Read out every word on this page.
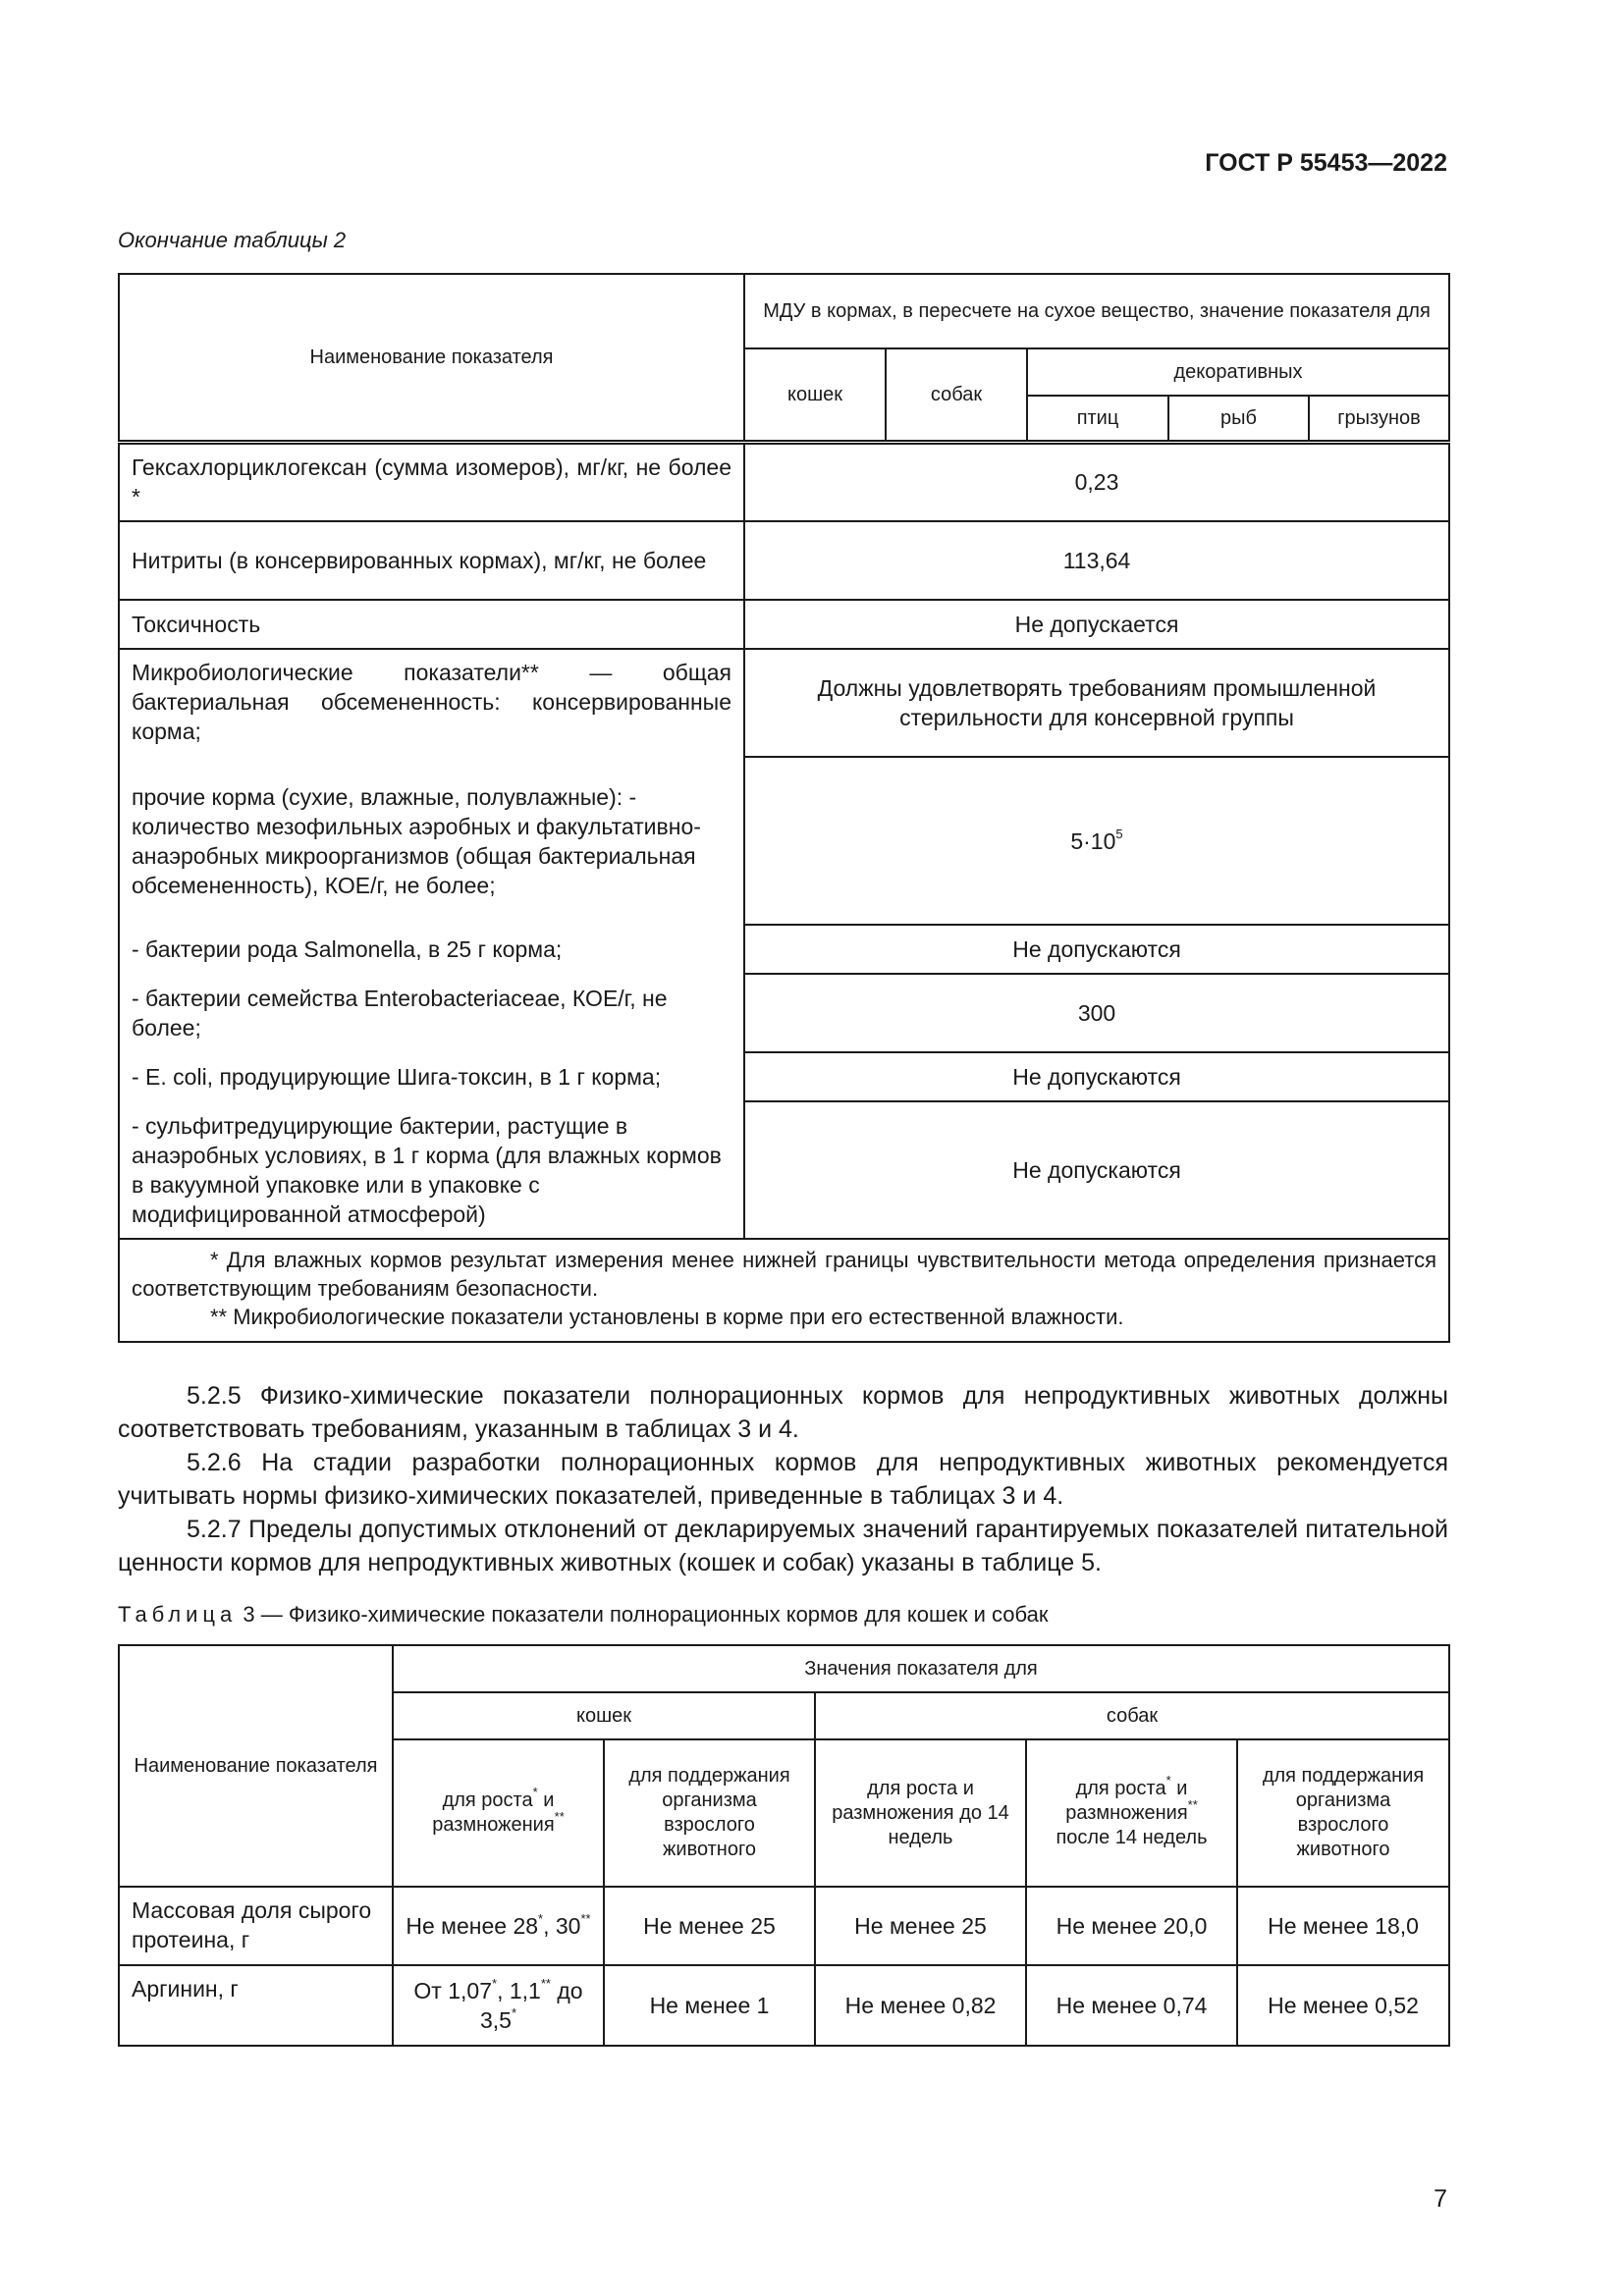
ГОСТ Р 55453—2022
Окончание таблицы 2
Наименование показателя	МДУ в кормах, в пересчете на сухое вещество, значение показателя для				
	кошек	собак	декоративных		
			птиц	рыб	грызунов
Гексахлорциклогексан (сумма изомеров), мг/кг, не более *	0,23				
Нитриты (в консервированных кормах), мг/кг, не более	113,64				
Токсичность	Не допускается				
Микробиологические показатели** — общая бактериальная обсемененность: консервированные корма;	Должны удовлетворять требованиям промышленной стерильности для консервной группы				
прочие корма (сухие, влажные, полувлажные): - количество мезофильных аэробных и факультативно-анаэробных микроорганизмов (общая бактериальная обсемененность), КОЕ/г, не более;	$5\cdot 10^5$
- бактерии рода Salmonella, в 25 г корма;	Не допускаются				
- бактерии семейства Enterobacteriaceae, КОЕ/г, не более;	300				
- E. coli, продуцирующие Шига-токсин, в 1 г корма;	Не допускаются				
- сульфитредуцирующие бактерии, растущие в анаэробных условиях, в 1 г корма (для влажных кормов в вакуумной упаковке или в упаковке с модифицированной атмосферой)	Не допускаются				

* Для влажных кормов результат измерения менее нижней границы чувствительности метода определения признается соответствующим требованиям безопасности.
** Микробиологические показатели установлены в корме при его естественной влажности.					

5.2.5 Физико-химические показатели полнорационных кормов для непродуктивных животных должны соответствовать требованиям, указанным в таблицах 3 и 4.

5.2.6 На стадии разработки полнорационных кормов для непродуктивных животных рекомендуется учитывать нормы физико-химических показателей, приведенные в таблицах 3 и 4.

5.2.7 Пределы допустимых отклонений от декларируемых значений гарантируемых показателей питательной ценности кормов для непродуктивных животных (кошек и собак) указаны в таблице 5.

Таблица 3 — Физико-химические показатели полнорационных кормов для кошек и собак
Наименование показателя	Значения показателя для				
	кошек		собак		
	для роста* и размножения**	для поддержания организма взрослого животного	для роста и размножения до 14 недель	для роста* и размножения** после 14 недель	для поддержания организма взрослого животного
Массовая доля сырого протеина, г	Не менее 28*, 30**	Не менее 25	Не менее 25	Не менее 20,0	Не менее 18,0
Аргинин, г	От 1,07*, 1,1** до 3,5*	Не менее 1	Не менее 0,82	Не менее 0,74	Не менее 0,52
7
